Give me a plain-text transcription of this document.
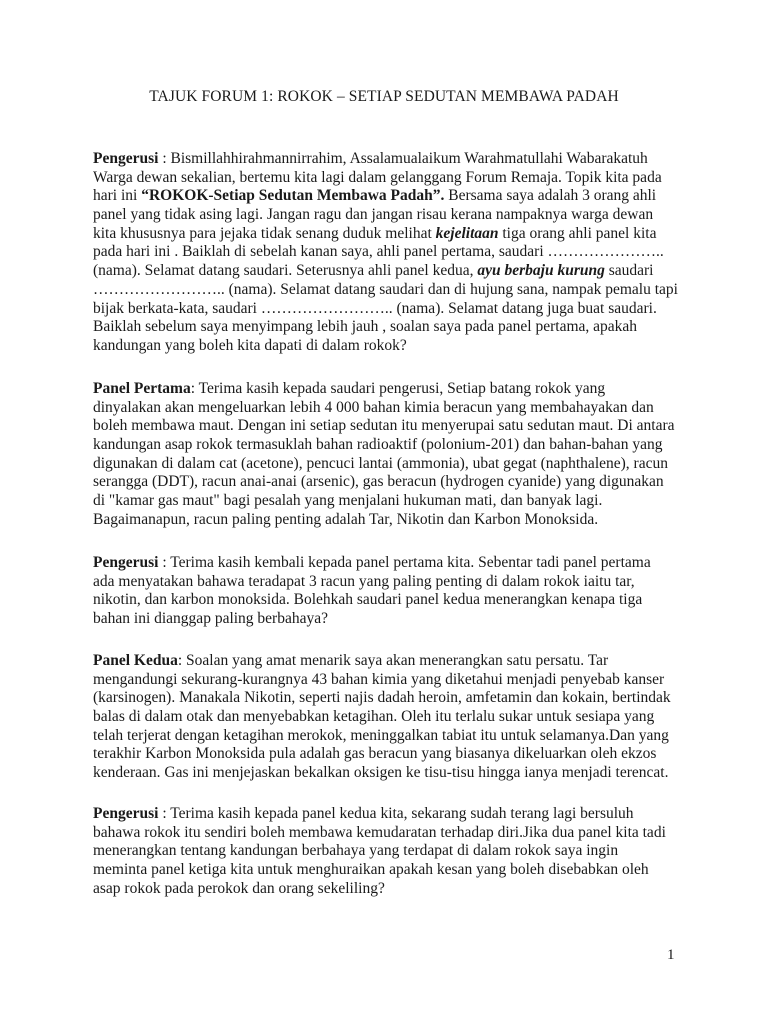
TAJUK FORUM 1: ROKOK – SETIAP SEDUTAN MEMBAWA PADAH
Pengerusi : Bismillahhirahmannirrahim, Assalamualaikum Warahmatullahi Wabarakatuh
Warga dewan sekalian, bertemu kita lagi dalam gelanggang Forum Remaja. Topik kita pada
hari ini “ROKOK-Setiap Sedutan Membawa Padah”. Bersama saya adalah 3 orang ahli
panel yang tidak asing lagi. Jangan ragu dan jangan risau kerana nampaknya warga dewan
kita khususnya para jejaka tidak senang duduk melihat kejelitaan tiga orang ahli panel kita
pada hari ini . Baiklah di sebelah kanan saya, ahli panel pertama, saudari …………………..
(nama). Selamat datang saudari. Seterusnya ahli panel kedua, ayu berbaju kurung saudari
…………………….. (nama). Selamat datang saudari dan di hujung sana, nampak pemalu tapi
bijak berkata-kata, saudari …………………….. (nama). Selamat datang juga buat saudari.
Baiklah sebelum saya menyimpang lebih jauh , soalan saya pada panel pertama, apakah
kandungan yang boleh kita dapati di dalam rokok?
Panel Pertama: Terima kasih kepada saudari pengerusi, Setiap batang rokok yang
dinyalakan akan mengeluarkan lebih 4 000 bahan kimia beracun yang membahayakan dan
boleh membawa maut. Dengan ini setiap sedutan itu menyerupai satu sedutan maut. Di antara
kandungan asap rokok termasuklah bahan radioaktif (polonium-201) dan bahan-bahan yang
digunakan di dalam cat (acetone), pencuci lantai (ammonia), ubat gegat (naphthalene), racun
serangga (DDT), racun anai-anai (arsenic), gas beracun (hydrogen cyanide) yang digunakan
di "kamar gas maut" bagi pesalah yang menjalani hukuman mati, dan banyak lagi.
Bagaimanapun, racun paling penting adalah Tar, Nikotin dan Karbon Monoksida.
Pengerusi : Terima kasih kembali kepada panel pertama kita. Sebentar tadi panel pertama
ada menyatakan bahawa teradapat 3 racun yang paling penting di dalam rokok iaitu tar,
nikotin, dan karbon monoksida. Bolehkah saudari panel kedua menerangkan kenapa tiga
bahan ini dianggap paling berbahaya?
Panel Kedua: Soalan yang amat menarik saya akan menerangkan satu persatu. Tar
mengandungi sekurang-kurangnya 43 bahan kimia yang diketahui menjadi penyebab kanser
(karsinogen). Manakala Nikotin, seperti najis dadah heroin, amfetamin dan kokain, bertindak
balas di dalam otak dan menyebabkan ketagihan. Oleh itu terlalu sukar untuk sesiapa yang
telah terjerat dengan ketagihan merokok, meninggalkan tabiat itu untuk selamanya.Dan yang
terakhir Karbon Monoksida pula adalah gas beracun yang biasanya dikeluarkan oleh ekzos
kenderaan. Gas ini menjejaskan bekalkan oksigen ke tisu-tisu hingga ianya menjadi terencat.
Pengerusi : Terima kasih kepada panel kedua kita, sekarang sudah terang lagi bersuluh
bahawa rokok itu sendiri boleh membawa kemudaratan terhadap diri.Jika dua panel kita tadi
menerangkan tentang kandungan berbahaya yang terdapat di dalam rokok saya ingin
meminta panel ketiga kita untuk menghuraikan apakah kesan yang boleh disebabkan oleh
asap rokok pada perokok dan orang sekeliling?
1
